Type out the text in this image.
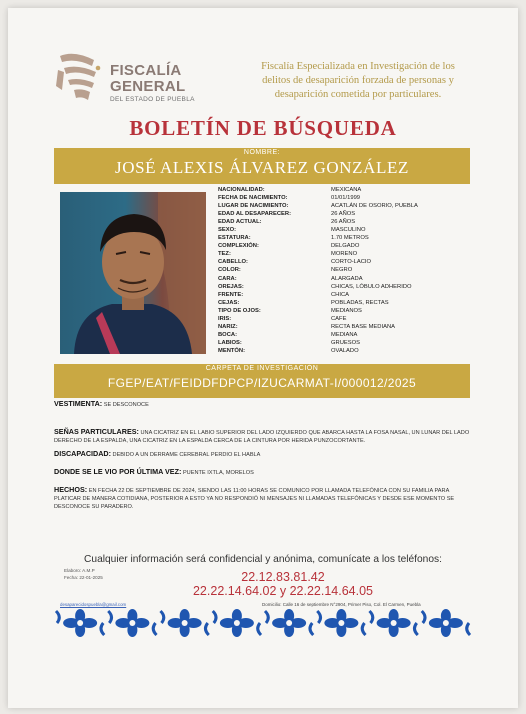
FISCALÍA
GENERAL
DEL ESTADO DE PUEBLA
Fiscalía Especializada en Investigación de los
delitos de desaparición forzada de personas y
desaparición cometida por particulares.
BOLETÍN DE BÚSQUEDA
NOMBRE:
JOSÉ ALEXIS ÁLVAREZ GONZÁLEZ
NACIONALIDAD:	MEXICANA
FECHA DE NACIMIENTO:	01/01/1999
LUGAR DE NACIMIENTO:	ACATLÁN DE OSORIO, PUEBLA
EDAD AL DESAPARECER:	26 AÑOS
EDAD ACTUAL:	26 AÑOS
SEXO:	MASCULINO
ESTATURA:	1.70 METROS
COMPLEXIÓN:	DELGADO
TEZ:	MORENO
CABELLO:	CORTO-LACIO
COLOR:	NEGRO
CARA:	ALARGADA
OREJAS:	CHICAS, LÓBULO ADHERIDO
FRENTE:	CHICA
CEJAS:	POBLADAS, RECTAS
TIPO DE OJOS:	MEDIANOS
IRIS:	CAFE
NARIZ:	RECTA BASE MEDIANA
BOCA:	MEDIANA
LABIOS:	GRUESOS
MENTÓN:	OVALADO
CARPETA DE INVESTIGACIÓN
FGEP/EAT/FEIDDFDPCP/IZUCARMAT-I/000012/2025
VESTIMENTA: SE DESCONOCE
SEÑAS PARTICULARES: UNA CICATRIZ EN EL LABIO SUPERIOR DEL LADO IZQUIERDO QUE ABARCA HASTA LA FOSA NASAL, UN LUNAR DEL LADO DERECHO DE LA ESPALDA, UNA CICATRIZ EN LA ESPALDA CERCA DE LA CINTURA POR HERIDA PUNZOCORTANTE.
DISCAPACIDAD: DEBIDO A UN DERRAME CEREBRAL PERDIO EL HABLA
DONDE SE LE VIO POR ÚLTIMA VEZ: PUENTE IXTLA, MORELOS
HECHOS: EN FECHA 22 DE SEPTIEMBRE DE 2024, SIENDO LAS 11:00 HORAS SE COMUNICO POR LLAMADA TELEFÓNICA CON SU FAMILIA PARA PLATICAR DE MANERA COTIDIANA, POSTERIOR A ESTO YA NO RESPONDIÓ NI MENSAJES NI LLAMADAS TELEFÓNICAS Y DESDE ESE MOMENTO SE DESCONOCE SU PARADERO.
Cualquier información será confidencial y anónima, comunícate a los teléfonos:
22.12.83.81.42
22.22.14.64.02 y 22.22.14.64.05
Elaboro: A.M.P
Fecha: 22-01-2025
desaparecidospuebla@gmail.com	Domicilio: Calle 16 de septiembre N°2904, Primer Piso, Col. El Carmen, Puebla
